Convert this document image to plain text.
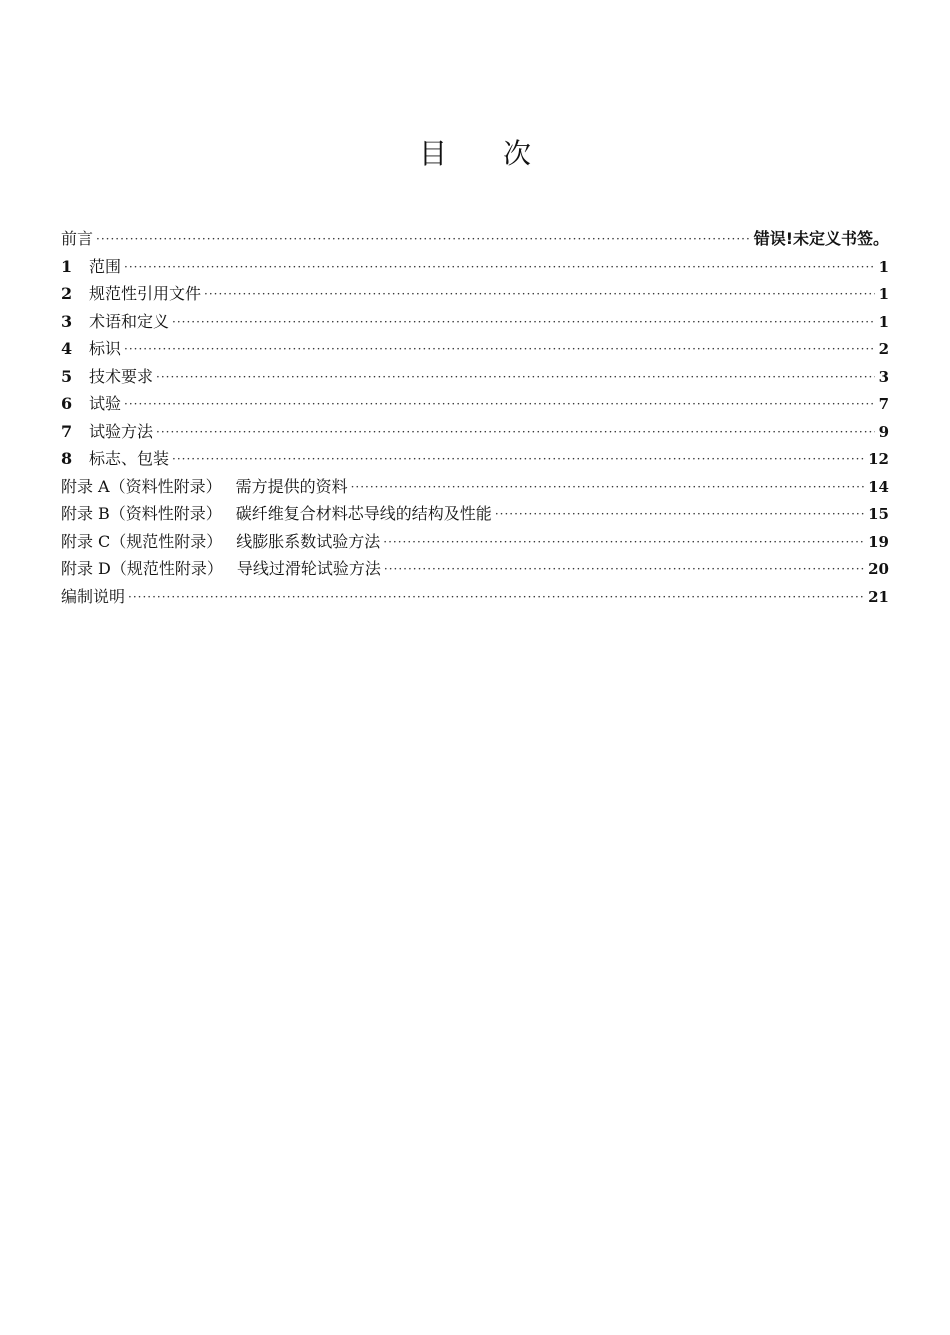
目 次
前言 ·····	错误!未定义书签。
1	范围 ·····	1
2	规范性引用文件 ·····	1
3	术语和定义 ·····	1
4	标识 ·····	2
5	技术要求 ·····	3
6	试验 ·····	7
7	试验方法 ·····	9
8	标志、包装 ·····	12
附录 A （资料性附录） 需方提供的资料 ·····	14
附录 B （资料性附录） 碳纤维复合材料芯导线的结构及性能 ·····	15
附录 C （规范性附录） 线膨胀系数试验方法 ·····	19
附录 D （规范性附录） 导线过滑轮试验方法 ·····	20
编制说明 ·····	21
